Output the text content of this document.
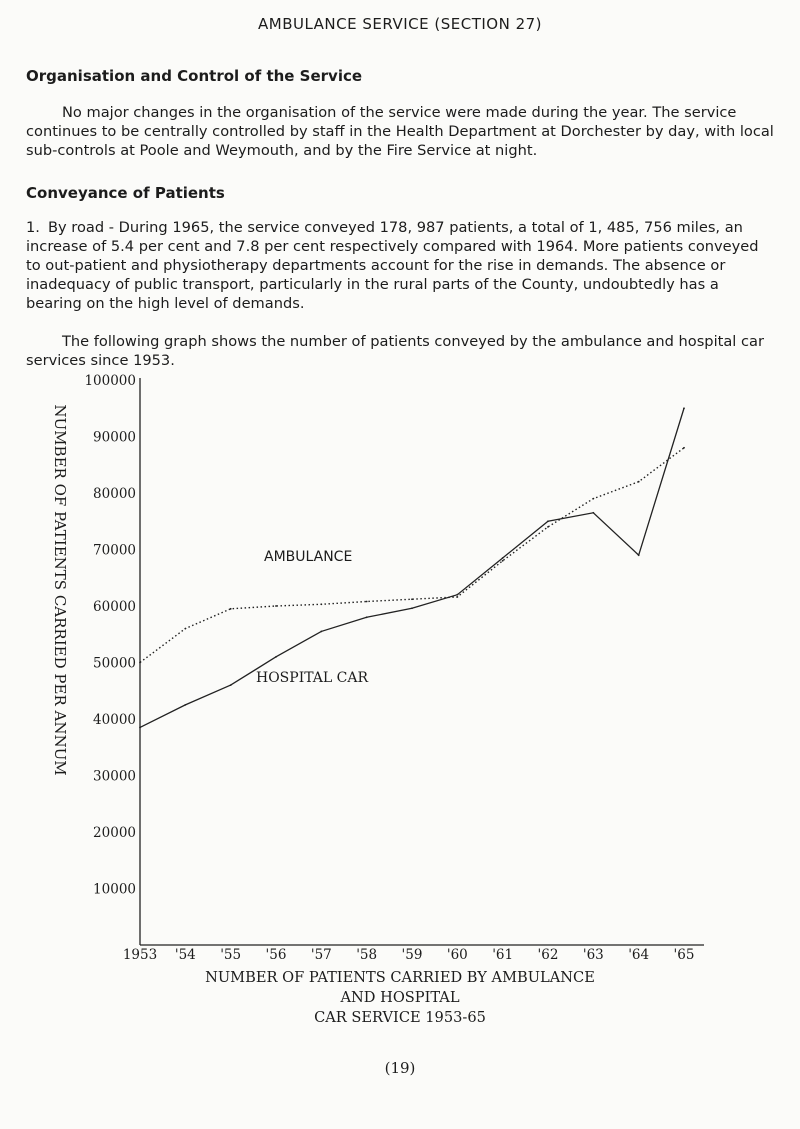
AMBULANCE SERVICE (SECTION 27)
Organisation and Control of the Service

No major changes in the organisation of the service were made during the year. The service continues to be centrally controlled by staff in the Health Department at Dorchester by day, with local sub-controls at Poole and Weymouth, and by the Fire Service at night.

Conveyance of Patients

1. By road - During 1965, the service conveyed 178, 987 patients, a total of 1, 485, 756 miles, an increase of 5.4 per cent and 7.8 per cent respectively compared with 1964. More patients conveyed to out-patient and physiotherapy departments account for the rise in demands. The absence or inadequacy of public transport, particularly in the rural parts of the County, undoubtedly has a bearing on the high level of demands.

The following graph shows the number of patients conveyed by the ambulance and hospital car services since 1953.

NUMBER OF PATIENTS CARRIED PER ANNUM
10000
20000
30000
40000
50000
60000
70000
80000
90000
100000
1953 '54 '55 '56 '57 '58 '59 '60 '61 '62 '63 '64 '65
AMBULANCE
HOSPITAL CAR
NUMBER OF PATIENTS CARRIED BY AMBULANCE AND HOSPITAL
CAR SERVICE 1953-65
(19)
